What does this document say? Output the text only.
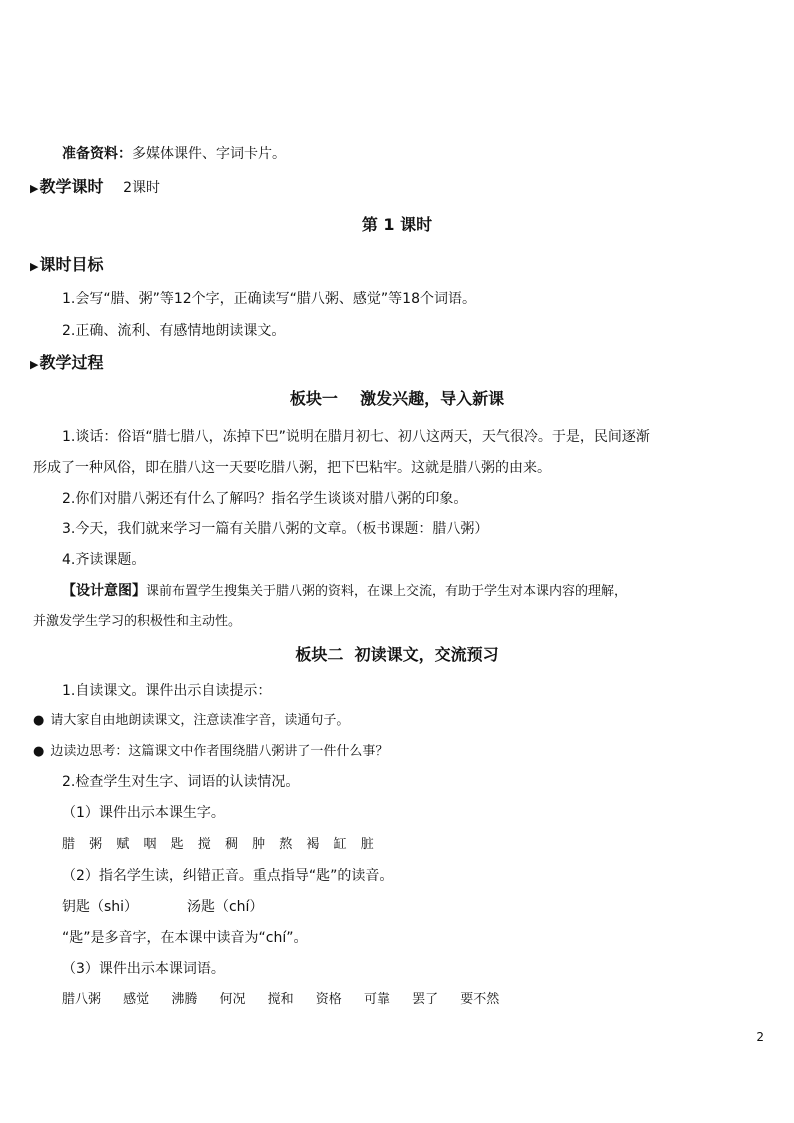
准备资料：多媒体课件、字词卡片。
▶教学课时 2课时
第 1 课时
▶课时目标
1.会写“腊、粥”等12个字，正确读写“腊八粥、感觉”等18个词语。
2.正确、流利、有感情地朗读课文。
▶教学过程
板块一    激发兴趣，导入新课
1.谈话：俗语“腊七腊八，冻掉下巴”说明在腊月初七、初八这两天，天气很冷。于是，民间逐渐
形成了一种风俗，即在腊八这一天要吃腊八粥，把下巴粘牢。这就是腊八粥的由来。
2.你们对腊八粥还有什么了解吗？指名学生谈谈对腊八粥的印象。
3.今天，我们就来学习一篇有关腊八粥的文章。（板书课题：腊八粥）
4.齐读课题。
【设计意图】课前布置学生搜集关于腊八粥的资料，在课上交流，有助于学生对本课内容的理解，
并激发学生学习的积极性和主动性。
板块二  初读课文，交流预习
1.自读课文。课件出示自读提示：
● 请大家自由地朗读课文，注意读准字音，读通句子。
● 边读边思考：这篇课文中作者围绕腊八粥讲了一件什么事？
2.检查学生对生字、词语的认读情况。
（1）课件出示本课生字。
腊 粥 赋 咽 匙 搅 稠 肿 熬 褐 缸 脏
（2）指名学生读，纠错正音。重点指导“匙”的读音。
钥匙（shi）	汤匙（chí）
“匙”是多音字，在本课中读音为“chí”。
（3）课件出示本课词语。
腊八粥 感觉 沸腾 何况 搅和 资格 可靠 罢了 要不然
2
